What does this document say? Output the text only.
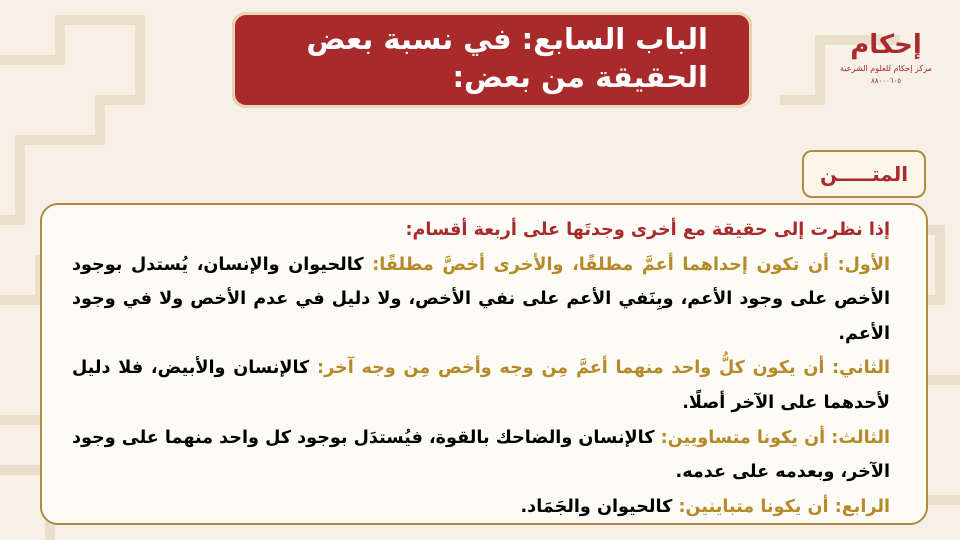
الباب السابع: في نسبة بعض
الحقيقة من بعض:
إحكام
مركز إحكام للعلوم الشرعية
٨٨٠٠٠٦٠٥
المتـــــن

إذا نظرت إلى حقيقة مع أخرى وجدتَها على أربعة أقسام:

الأول: أن تكون إحداهما أعمَّ مطلقًا، والأخرى أخصَّ مطلقًا: كالحيوان والإنسان، يُستدل بوجود الأخص على وجود الأعم، وبِنَفي الأعم على نفي الأخص، ولا دليل في عدم الأخص ولا في وجود الأعم.

الثاني: أن يكون كلُّ واحد منهما أعمَّ مِن وجه وأخص مِن وجه آخر: كالإنسان والأبيض، فلا دليل لأحدهما على الآخر أصلًا.

الثالث: أن يكونا متساويين: كالإنسان والضاحك بالقوة، فيُستدَل بوجود كل واحد منهما على وجود الآخر، وبعدمه على عدمه.

الرابع: أن يكونا متباينين: كالحيوان والجَمَاد.
